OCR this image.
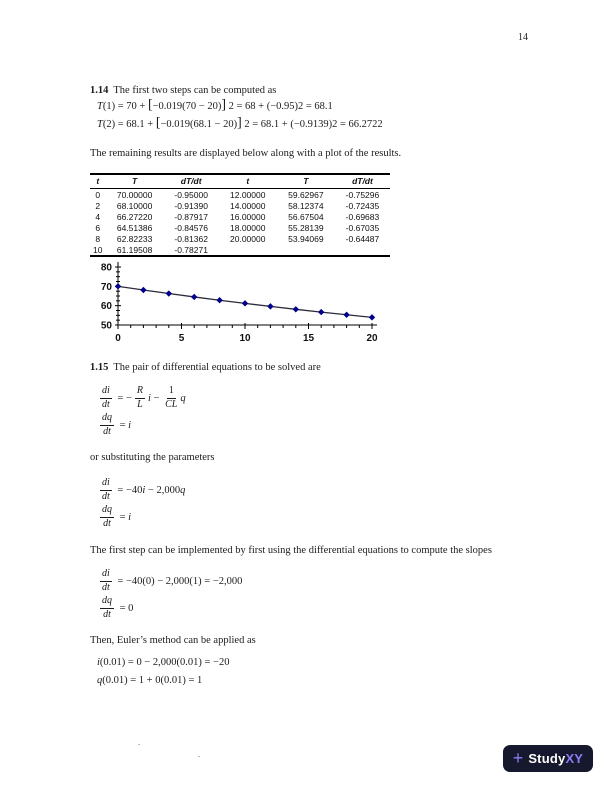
14
1.14 The first two steps can be computed as
T (1) = 70 + [ −0.019(70 − 20) ] 2 = 68 + (−0.95)2 = 68.1
T (2) = 68.1 + [ −0.019(68.1 − 20) ] 2 = 68.1 + (−0.9139)2 = 66.2722
The remaining results are displayed below along with a plot of the results.
t	T	dT/dt	t	T	dT/dt
0	70.00000	-0.95000	12.00000	59.62967	-0.75296
2	68.10000	-0.91390	14.00000	58.12374	-0.72435
4	66.27220	-0.87917	16.00000	56.67504	-0.69683
6	64.51386	-0.84576	18.00000	55.28139	-0.67035
8	62.82233	-0.81362	20.00000	53.94069	-0.64487
10	61.19508	-0.78271			
50
60
70
80
0	5	10	15	20
1.15 The pair of differential equations to be solved are
$\frac{di}{dt}$ = − $\frac{R}{L}$ $i - \frac{1}{CL}$ q
$\frac{dq}{dt} = i$
or substituting the parameters
$\frac{di}{dt} = -40$ i − 2,000 q
$\frac{dq}{dt} = i$
The first step can be implemented by first using the differential equations to compute the slopes
$\frac{di}{dt} = -40(0) - 2,000(1) = -2,000$
$\frac{dq}{dt} = 0$
Then, Euler’s method can be applied as
i (0.01) = 0 − 2,000(0.01) = −20
q (0.01) = 1 + 0(0.01) = 1
-
-	+ Study XY
